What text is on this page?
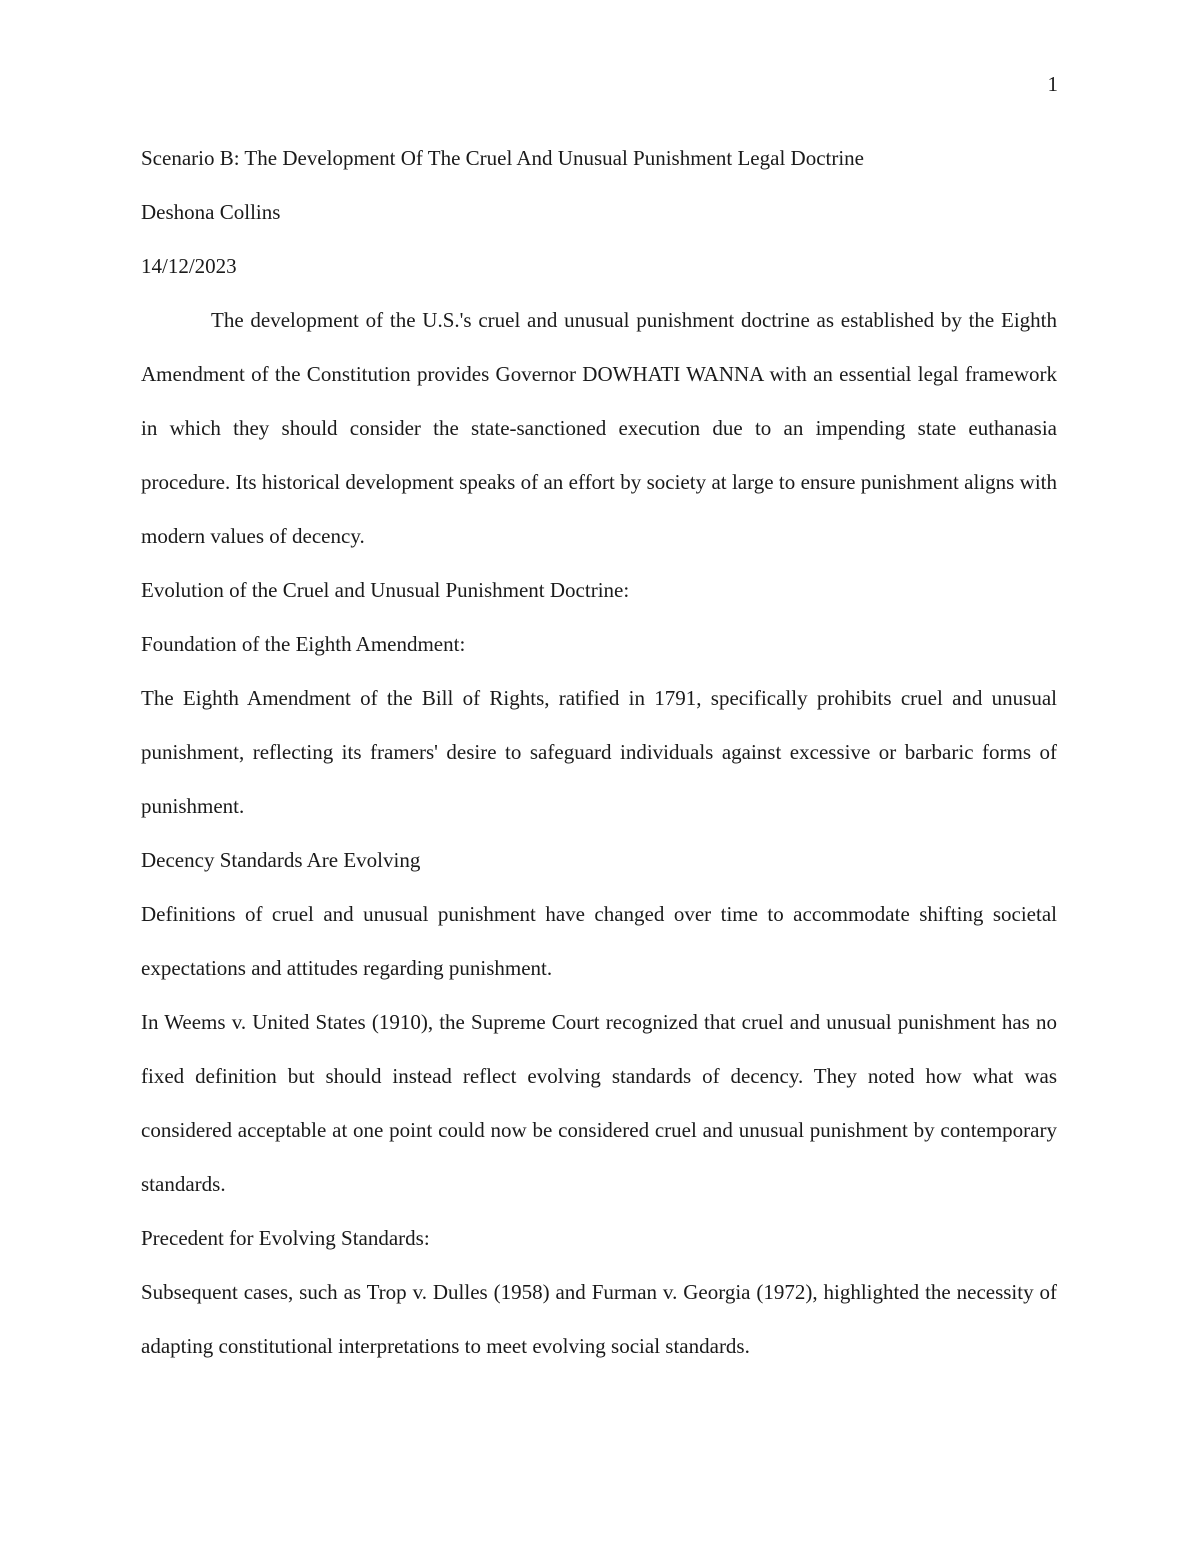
1
Scenario B: The Development Of The Cruel And Unusual Punishment Legal Doctrine
Deshona Collins
14/12/2023

The development of the U.S.'s cruel and unusual punishment doctrine as established by the Eighth Amendment of the Constitution provides Governor DOWHATI WANNA with an essential legal framework in which they should consider the state-sanctioned execution due to an impending state euthanasia procedure. Its historical development speaks of an effort by society at large to ensure punishment aligns with modern values of decency.

Evolution of the Cruel and Unusual Punishment Doctrine:
Foundation of the Eighth Amendment:

The Eighth Amendment of the Bill of Rights, ratified in 1791, specifically prohibits cruel and unusual punishment, reflecting its framers' desire to safeguard individuals against excessive or barbaric forms of punishment.

Decency Standards Are Evolving

Definitions of cruel and unusual punishment have changed over time to accommodate shifting societal expectations and attitudes regarding punishment.

In Weems v. United States (1910), the Supreme Court recognized that cruel and unusual punishment has no fixed definition but should instead reflect evolving standards of decency. They noted how what was considered acceptable at one point could now be considered cruel and unusual punishment by contemporary standards.

Precedent for Evolving Standards:

Subsequent cases, such as Trop v. Dulles (1958) and Furman v. Georgia (1972), highlighted the necessity of adapting constitutional interpretations to meet evolving social standards.
